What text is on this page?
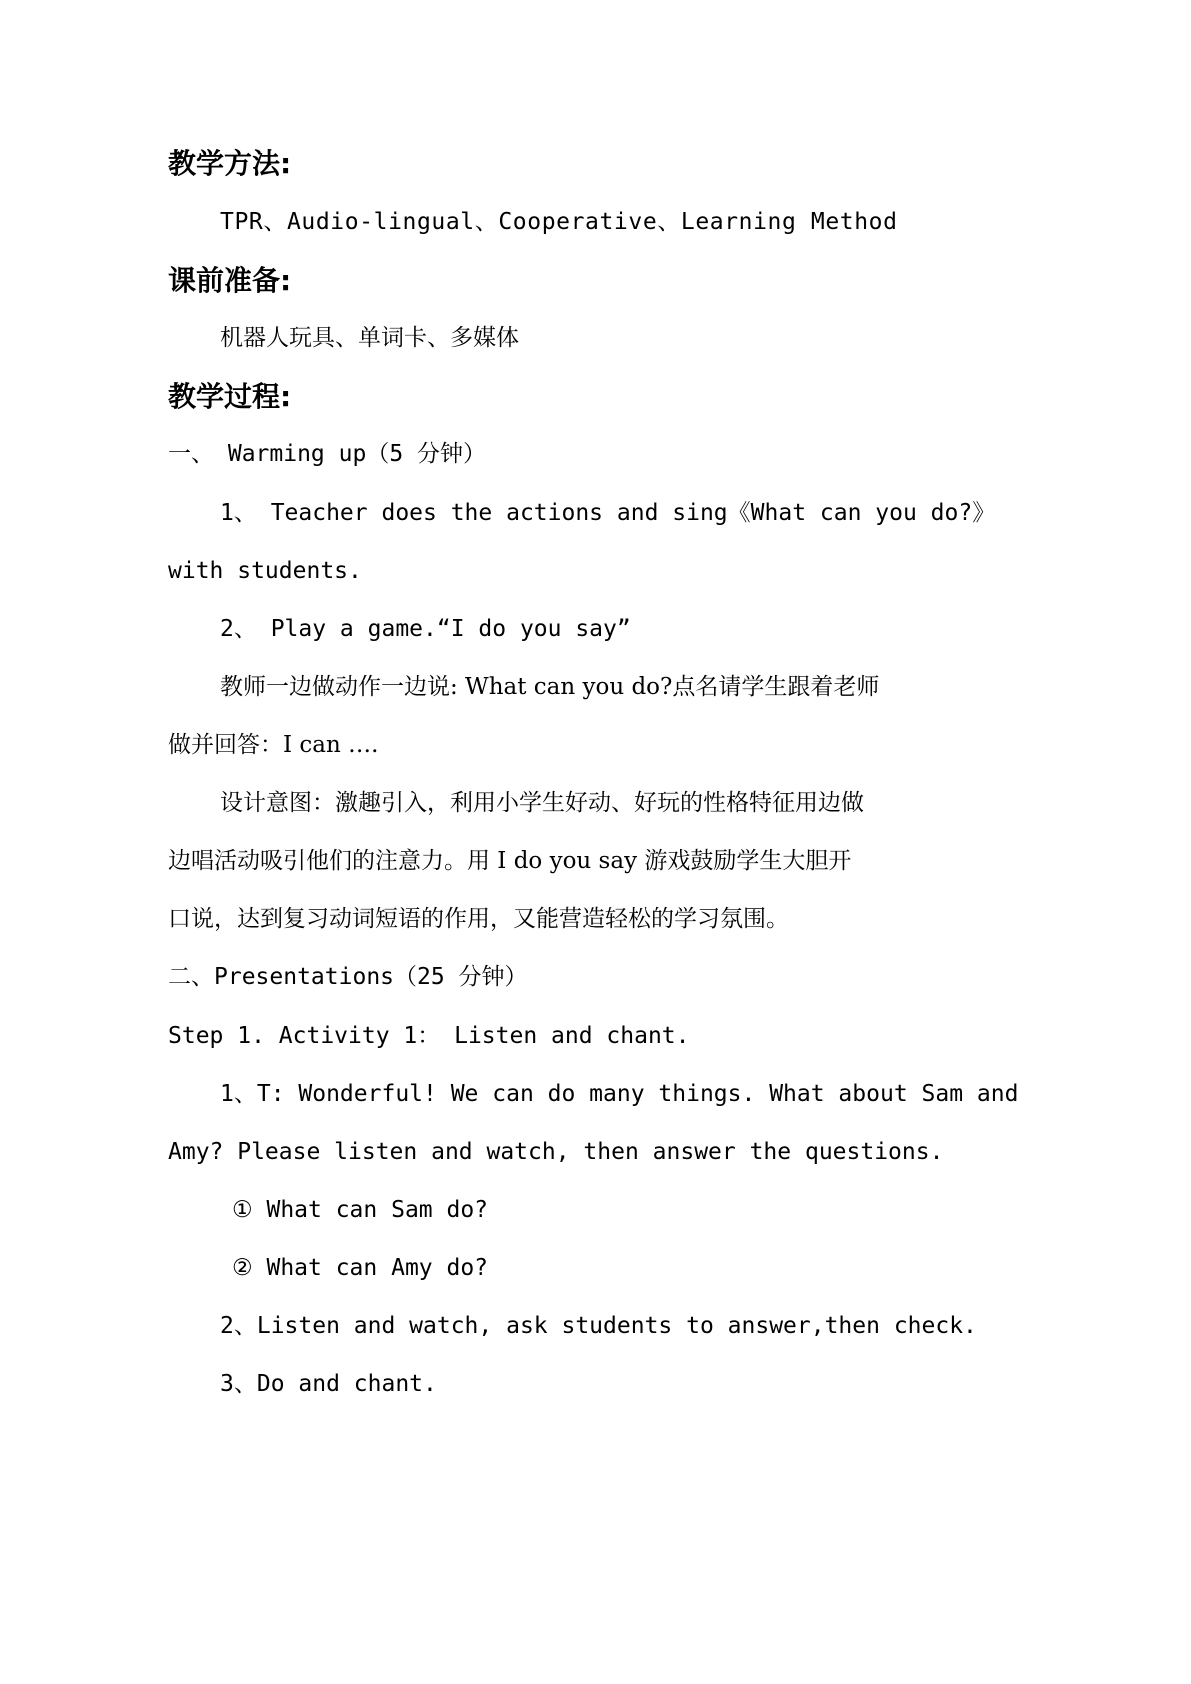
教学方法:
TPR、Audio-lingual、Cooperative、Learning Method
课前准备:
机器人玩具、单词卡、多媒体
教学过程:
一、 Warming up（5 分钟）
1、 Teacher does the actions and sing《What can you do?》
with students.
2、 Play a game.“I do you say”
教师一边做动作一边说: What can you do?点名请学生跟着老师
做并回答：I can ….
设计意图：激趣引入，利用小学生好动、好玩的性格特征用边做
边唱活动吸引他们的注意力。用 I do you say 游戏鼓励学生大胆开
口说，达到复习动词短语的作用，又能营造轻松的学习氛围。
二、Presentations（25 分钟）
Step 1. Activity 1： Listen and chant.
1、T: Wonderful! We can do many things. What about Sam and
Amy? Please listen and watch, then answer the questions.
① What can Sam do?
② What can Amy do?
2、Listen and watch, ask students to answer,then check.
3、Do and chant.
